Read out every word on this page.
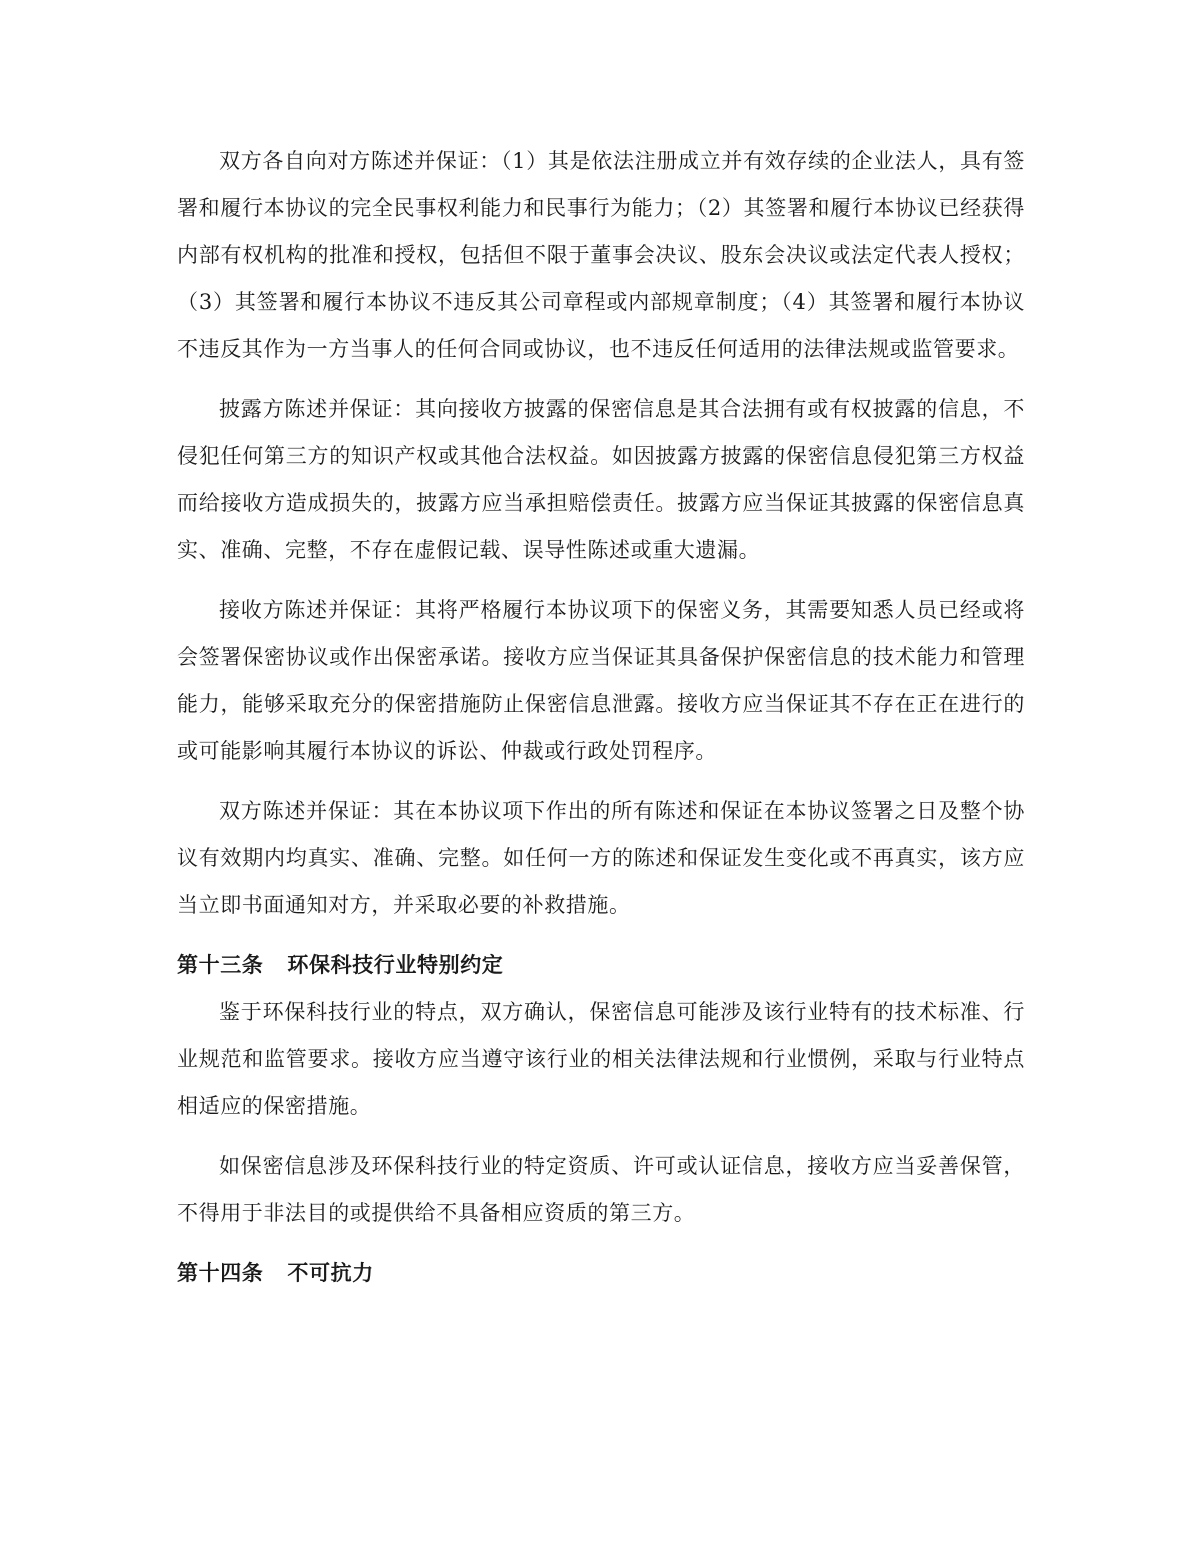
双方各自向对方陈述并保证：（1）其是依法注册成立并有效存续的企业法人，具有签署和履行本协议的完全民事权利能力和民事行为能力；（2）其签署和履行本协议已经获得内部有权机构的批准和授权，包括但不限于董事会决议、股东会决议或法定代表人授权；（3）其签署和履行本协议不违反其公司章程或内部规章制度；（4）其签署和履行本协议不违反其作为一方当事人的任何合同或协议，也不违反任何适用的法律法规或监管要求。

披露方陈述并保证：其向接收方披露的保密信息是其合法拥有或有权披露的信息，不侵犯任何第三方的知识产权或其他合法权益。如因披露方披露的保密信息侵犯第三方权益而给接收方造成损失的，披露方应当承担赔偿责任。披露方应当保证其披露的保密信息真实、准确、完整，不存在虚假记载、误导性陈述或重大遗漏。

接收方陈述并保证：其将严格履行本协议项下的保密义务，其需要知悉人员已经或将会签署保密协议或作出保密承诺。接收方应当保证其具备保护保密信息的技术能力和管理能力，能够采取充分的保密措施防止保密信息泄露。接收方应当保证其不存在正在进行的或可能影响其履行本协议的诉讼、仲裁或行政处罚程序。

双方陈述并保证：其在本协议项下作出的所有陈述和保证在本协议签署之日及整个协议有效期内均真实、准确、完整。如任何一方的陈述和保证发生变化或不再真实，该方应当立即书面通知对方，并采取必要的补救措施。

第十三条 环保科技行业特别约定

鉴于环保科技行业的特点，双方确认，保密信息可能涉及该行业特有的技术标准、行业规范和监管要求。接收方应当遵守该行业的相关法律法规和行业惯例，采取与行业特点相适应的保密措施。

如保密信息涉及环保科技行业的特定资质、许可或认证信息，接收方应当妥善保管，不得用于非法目的或提供给不具备相应资质的第三方。

第十四条 不可抗力
